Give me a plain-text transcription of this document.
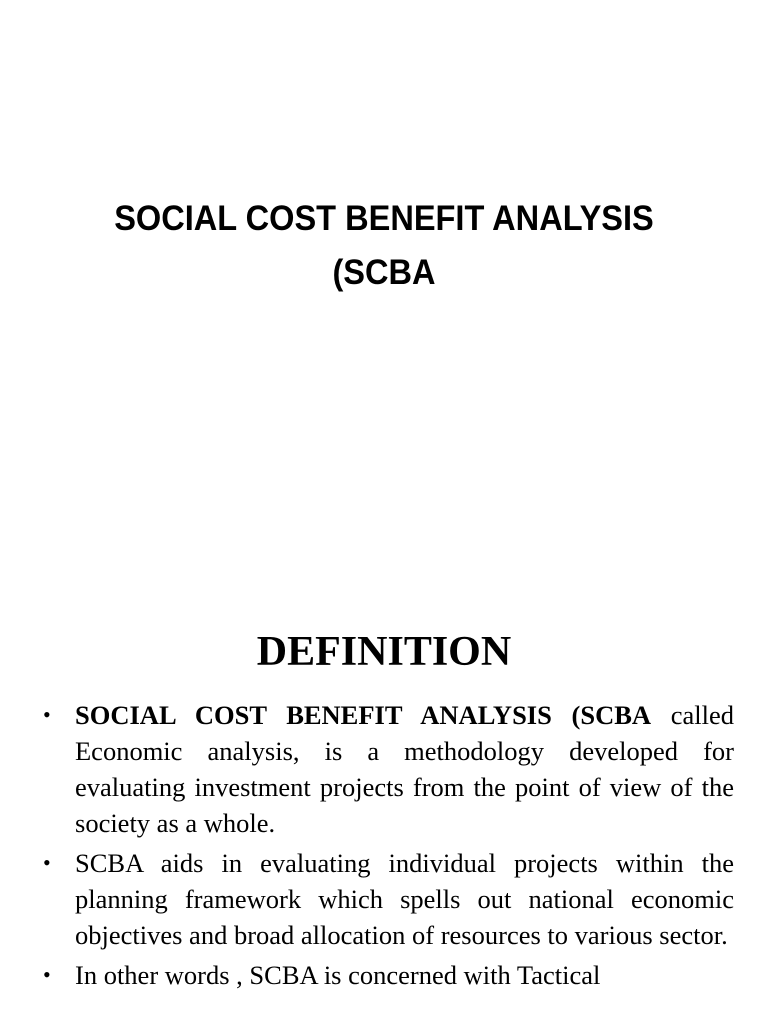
SOCIAL COST BENEFIT ANALYSIS
(SCBA
DEFINITION
• SOCIAL COST BENEFIT ANALYSIS (SCBA called Economic analysis, is a methodology developed for evaluating investment projects from the point of view of the society as a whole.
• SCBA aids in evaluating individual projects within the planning framework which spells out national economic objectives and broad allocation of resources to various sector.
• In other words , SCBA is concerned with Tactical
